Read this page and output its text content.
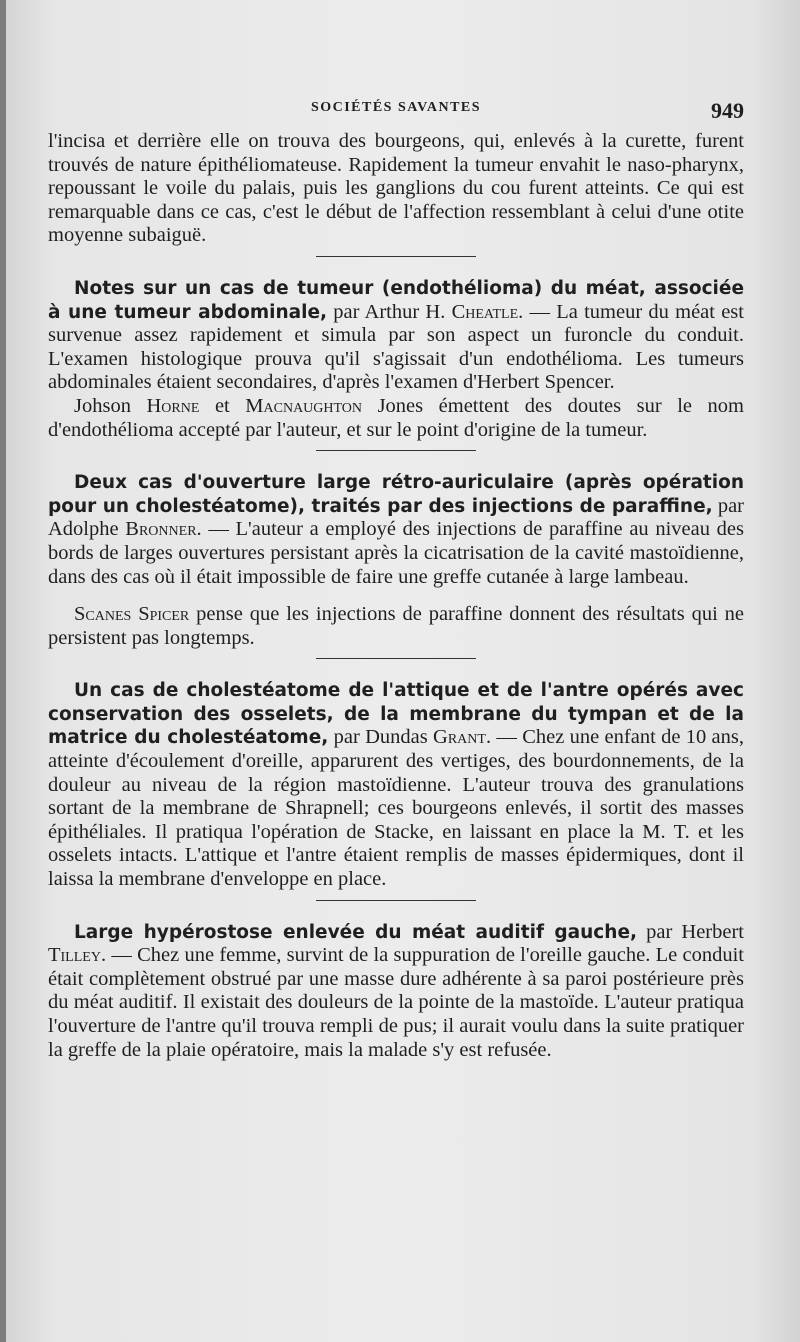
SOCIÉTÉS SAVANTES	949

l'incisa et derrière elle on trouva des bourgeons, qui, enlevés à la curette, furent trouvés de nature épithéliomateuse. Rapidement la tumeur envahit le naso-pharynx, repoussant le voile du palais, puis les ganglions du cou furent atteints. Ce qui est remarquable dans ce cas, c'est le début de l'affection ressemblant à celui d'une otite moyenne subaiguë.

Notes sur un cas de tumeur (endothélioma) du méat, associée à une tumeur abdominale, par Arthur H. Cheatle. — La tumeur du méat est survenue assez rapidement et simula par son aspect un furoncle du conduit. L'examen histologique prouva qu'il s'agissait d'un endothélioma. Les tumeurs abdominales étaient secondaires, d'après l'examen d'Herbert Spencer.

Johson Horne et Macnaughton Jones émettent des doutes sur le nom d'endothélioma accepté par l'auteur, et sur le point d'origine de la tumeur.

Deux cas d'ouverture large rétro-auriculaire (après opération pour un cholestéatome), traités par des injections de paraffine, par Adolphe Bronner. — L'auteur a employé des injections de paraffine au niveau des bords de larges ouvertures persistant après la cicatrisation de la cavité mastoïdienne, dans des cas où il était impossible de faire une greffe cutanée à large lambeau.

Scanes Spicer pense que les injections de paraffine donnent des résultats qui ne persistent pas longtemps.

Un cas de cholestéatome de l'attique et de l'antre opérés avec conservation des osselets, de la membrane du tympan et de la matrice du cholestéatome, par Dundas Grant. — Chez une enfant de 10 ans, atteinte d'écoulement d'oreille, apparurent des vertiges, des bourdonnements, de la douleur au niveau de la région mastoïdienne. L'auteur trouva des granulations sortant de la membrane de Shrapnell; ces bourgeons enlevés, il sortit des masses épithéliales. Il pratiqua l'opération de Stacke, en laissant en place la M. T. et les osselets intacts. L'attique et l'antre étaient remplis de masses épidermiques, dont il laissa la membrane d'enveloppe en place.

Large hypérostose enlevée du méat auditif gauche, par Herbert Tilley. — Chez une femme, survint de la suppuration de l'oreille gauche. Le conduit était complètement obstrué par une masse dure adhérente à sa paroi postérieure près du méat auditif. Il existait des douleurs de la pointe de la mastoïde. L'auteur pratiqua l'ouverture de l'antre qu'il trouva rempli de pus; il aurait voulu dans la suite pratiquer la greffe de la plaie opératoire, mais la malade s'y est refusée.
